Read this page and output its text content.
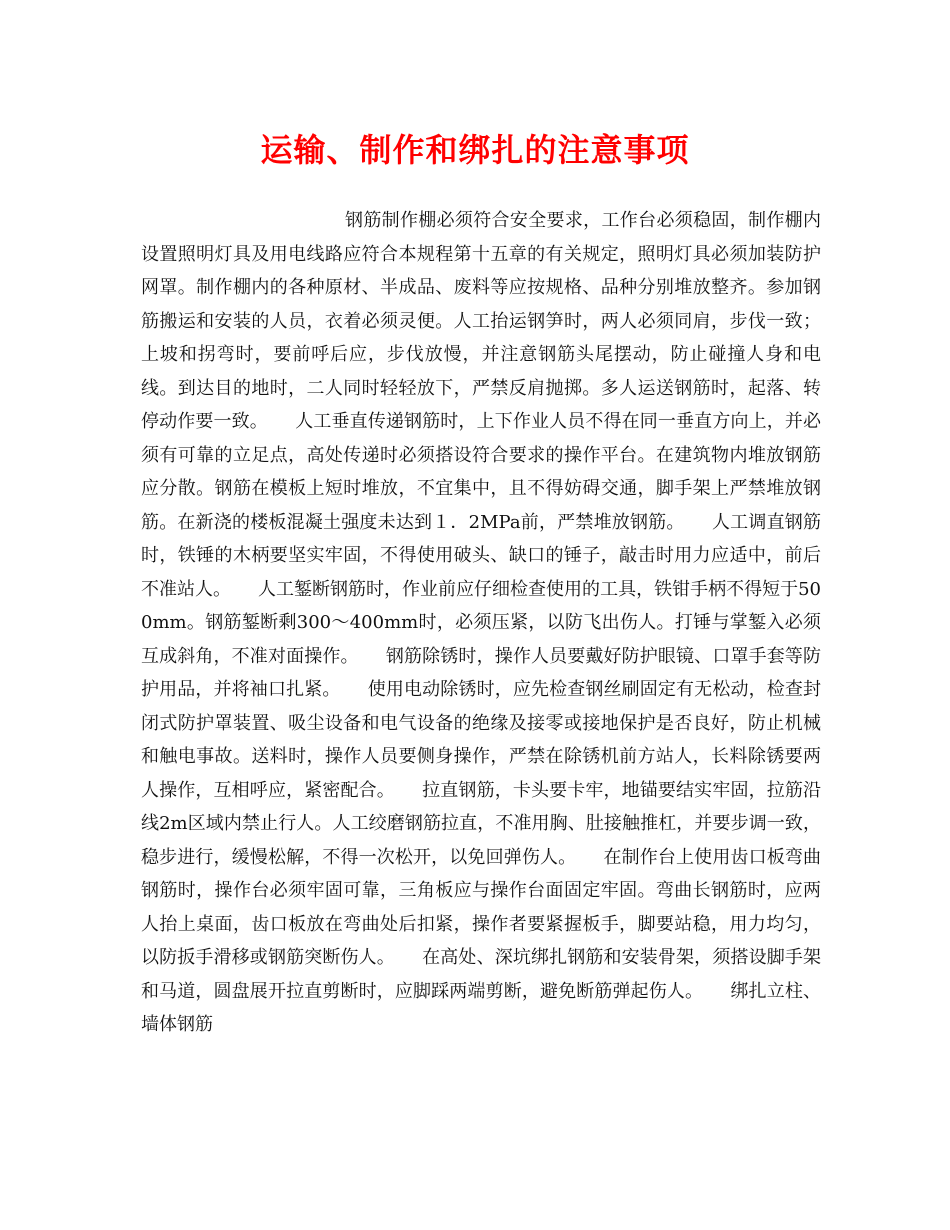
运输、制作和绑扎的注意事项
钢筋制作棚必须符合安全要求，工作台必须稳固，制作棚内设置照明灯具及用电线路应符合本规程第十五章的有关规定，照明灯具必须加装防护网罩。制作棚内的各种原材、半成品、废料等应按规格、品种分别堆放整齐。参加钢筋搬运和安装的人员，衣着必须灵便。人工抬运钢笋时，两人必须同肩，步伐一致；上坡和拐弯时，要前呼后应，步伐放慢，并注意钢筋头尾摆动，防止碰撞人身和电线。到达目的地时，二人同时轻轻放下，严禁反肩抛掷。多人运送钢筋时，起落、转停动作要一致。　　人工垂直传递钢筋时，上下作业人员不得在同一垂直方向上，并必须有可靠的立足点，高处传递时必须搭设符合要求的操作平台。在建筑物内堆放钢筋应分散。钢筋在模板上短时堆放，不宜集中，且不得妨碍交通，脚手架上严禁堆放钢筋。在新浇的楼板混凝土强度未达到１．2MPa前，严禁堆放钢筋。　　人工调直钢筋时，铁锤的木柄要坚实牢固，不得使用破头、缺口的锤子，敲击时用力应适中，前后不准站人。　　人工錾断钢筋时，作业前应仔细检查使用的工具，铁钳手柄不得短于500mm。钢筋錾断剩300～400mm时，必须压紧，以防飞出伤人。打锤与掌錾入必须互成斜角，不准对面操作。　　钢筋除锈时，操作人员要戴好防护眼镜、口罩手套等防护用品，并将袖口扎紧。　　使用电动除锈时，应先检查钢丝刷固定有无松动，检查封闭式防护罩装置、吸尘设备和电气设备的绝缘及接零或接地保护是否良好，防止机械和触电事故。送料时，操作人员要侧身操作，严禁在除锈机前方站人，长料除锈要两人操作，互相呼应，紧密配合。　　拉直钢筋，卡头要卡牢，地锚要结实牢固，拉筋沿线2m区域内禁止行人。人工绞磨钢筋拉直，不准用胸、肚接触推杠，并要步调一致，稳步进行，缓慢松解，不得一次松开，以免回弹伤人。　　在制作台上使用齿口板弯曲钢筋时，操作台必须牢固可靠，三角板应与操作台面固定牢固。弯曲长钢筋时，应两人抬上桌面，齿口板放在弯曲处后扣紧，操作者要紧握板手，脚要站稳，用力均匀，以防扳手滑移或钢筋突断伤人。　　在高处、深坑绑扎钢筋和安装骨架，须搭设脚手架和马道，圆盘展开拉直剪断时，应脚踩两端剪断，避免断筋弹起伤人。　　绑扎立柱、墙体钢筋
